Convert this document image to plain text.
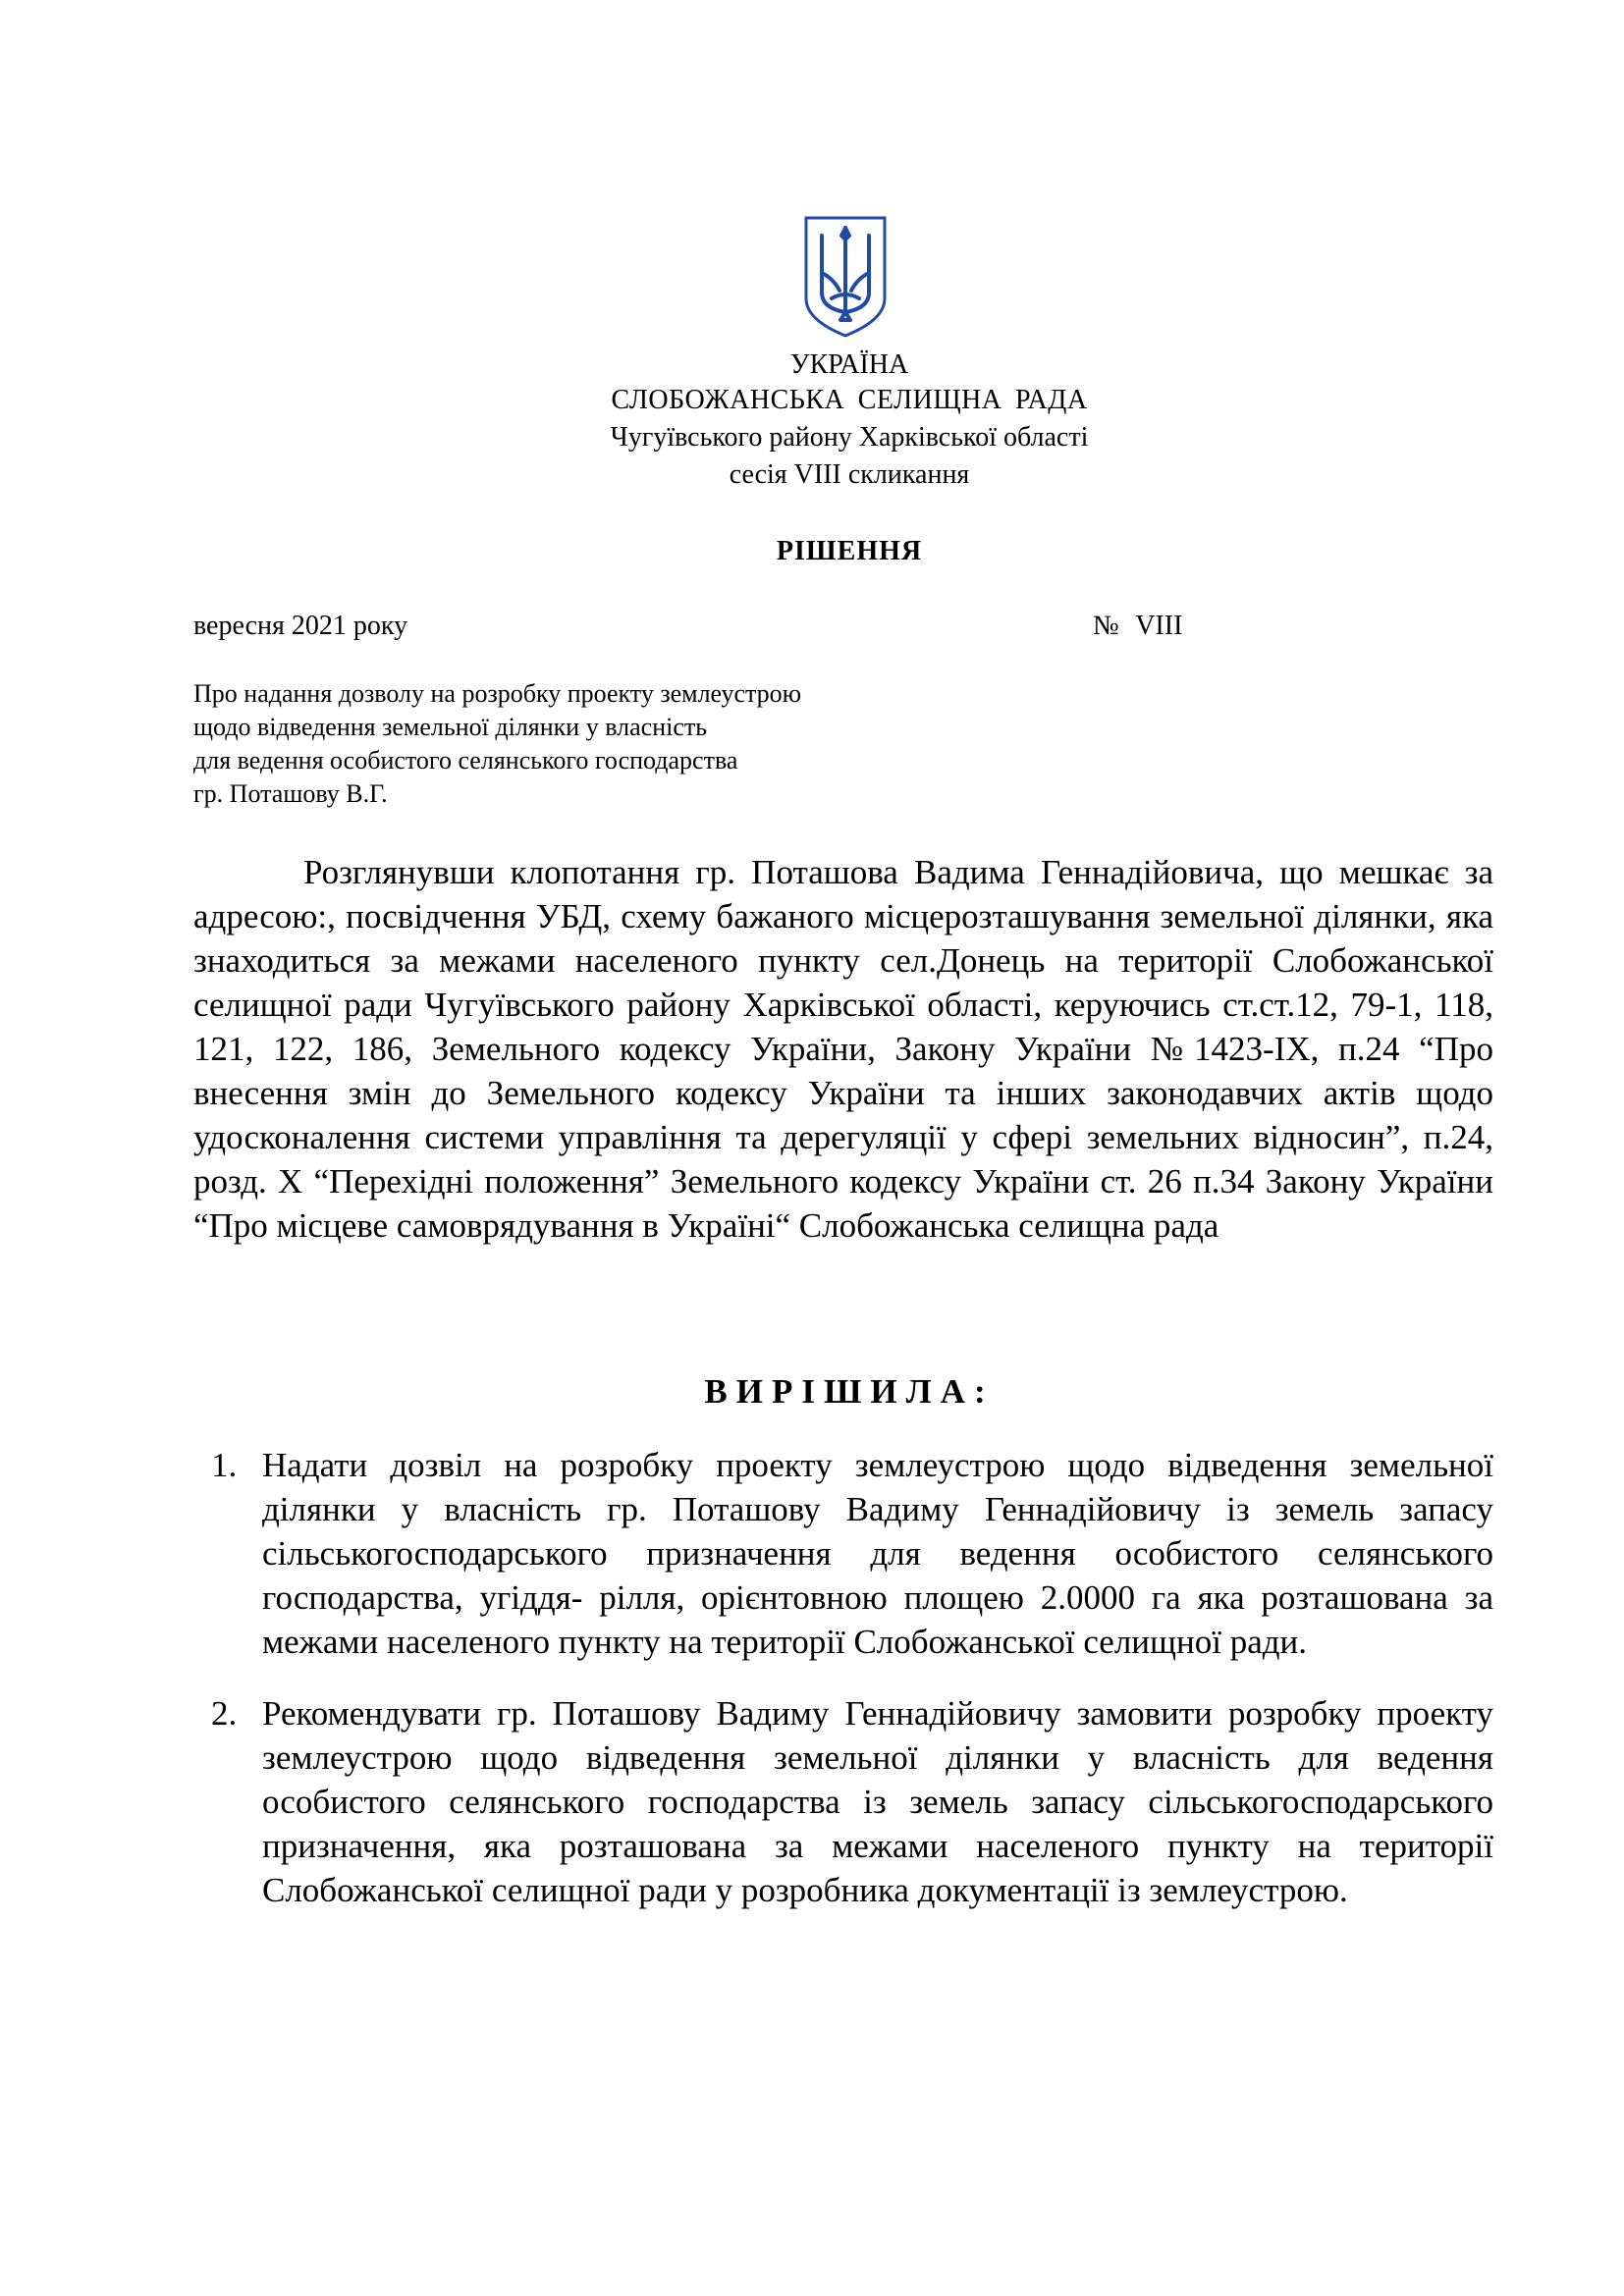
УКРАЇНА
СЛОБОЖАНСЬКА СЕЛИЩНА РАДА
Чугуївського району Харківської області
сесія VIII скликання
РІШЕННЯ
вересня 2021 року	№ VIII
Про надання дозволу на розробку проекту землеустрою
щодо відведення земельної ділянки у власність
для ведення особистого селянського господарства
гр. Поташову В.Г.
Розглянувши клопотання гр. Поташова Вадима Геннадійовича, що мешкає за адресою:, посвідчення УБД, схему бажаного місцерозташування земельної ділянки, яка знаходиться за межами населеного пункту сел.Донець на території Слобожанської селищної ради Чугуївського району Харківської області, керуючись ст.ст.12, 79-1, 118, 121, 122, 186, Земельного кодексу України, Закону України №1423-IX, п.24 “Про внесення змін до Земельного кодексу України та інших законодавчих актів щодо удосконалення системи управління та дерегуляції у сфері земельних відносин”, п.24, розд. Х “Перехідні положення” Земельного кодексу України ст. 26 п.34 Закону України “Про місцеве самоврядування в Україні“ Слобожанська селищна рада
ВИРІШИЛА:
1. Надати дозвіл на розробку проекту землеустрою щодо відведення земельної ділянки у власність гр. Поташову Вадиму Геннадійовичу із земель запасу сільськогосподарського призначення для ведення особистого селянського господарства, угіддя- рілля, орієнтовною площею 2.0000 га яка розташована за межами населеного пункту на території Слобожанської селищної ради.
2. Рекомендувати гр. Поташову Вадиму Геннадійовичу замовити розробку проекту землеустрою щодо відведення земельної ділянки у власність для ведення особистого селянського господарства із земель запасу сільськогосподарського призначення, яка розташована за межами населеного пункту на території Слобожанської селищної ради у розробника документації із землеустрою.
